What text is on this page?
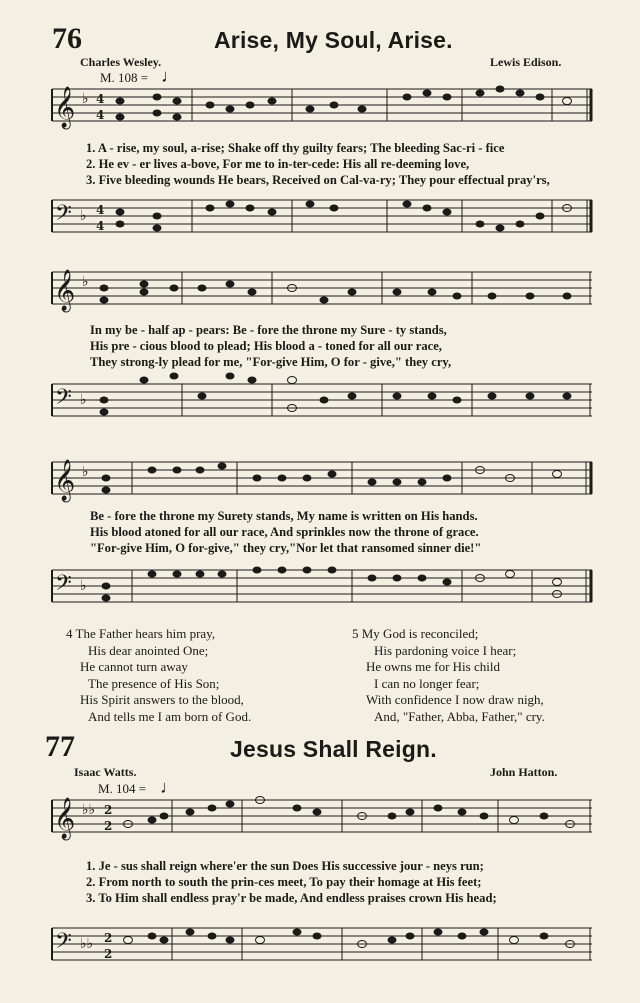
76	Arise, My Soul, Arise.
Charles Wesley.	Lewis Edison.
M. 108 = ♩
𝄞 ♭ 4
4
1. A - rise, my soul, a-rise; Shake off thy guilty fears; The bleeding Sac-ri - fice
2. He ev - er lives a-bove, For me to in-ter-cede: His all re-deeming love,
3. Five bleeding wounds He bears, Received on Cal-va-ry; They pour effectual pray'rs,
𝄢 ♭ 4
4
𝄞 ♭
In my be - half ap - pears: Be - fore the throne my Sure - ty stands,
His pre - cious blood to plead; His blood a - toned for all our race,
They strong-ly plead for me, "For-give Him, O for - give," they cry,
𝄢 ♭
𝄞 ♭
Be - fore the throne my Surety stands, My name is written on His hands.
His blood atoned for all our race, And sprinkles now the throne of grace.
"For-give Him, O for-give," they cry,"Nor let that ransomed sinner die!"
𝄢 ♭
4 The Father hears him pray,
His dear anointed One;
He cannot turn away
The presence of His Son;
His Spirit answers to the blood,
And tells me I am born of God.
5 My God is reconciled;
His pardoning voice I hear;
He owns me for His child
I can no longer fear;
With confidence I now draw nigh,
And, "Father, Abba, Father," cry.
77	Jesus Shall Reign.
Isaac Watts.	John Hatton.
M. 104 = ♩
𝄞 ♭♭ 2
2
1. Je - sus shall reign where'er the sun Does His successive jour - neys run;
2. From north to south the prin-ces meet, To pay their homage at His feet;
3. To Him shall endless pray'r be made, And endless praises crown His head;
𝄢 ♭♭ 2
2
